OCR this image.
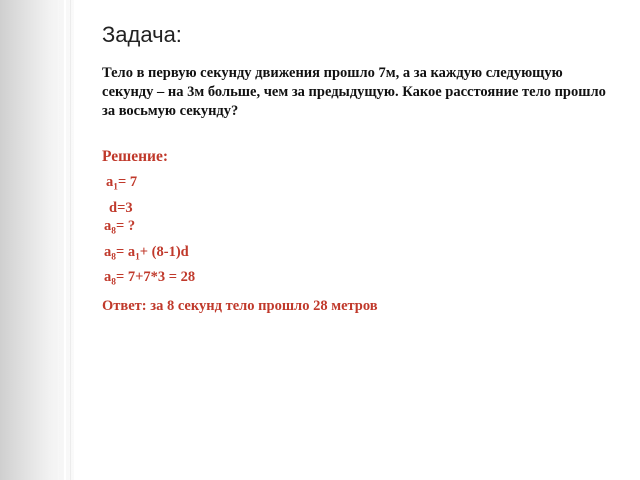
Задача:

Тело в первую секунду движения прошло 7м, а за каждую следующую секунду – на 3м больше, чем за предыдущую. Какое расстояние тело прошло за восьмую секунду?

Решение:

$a_1= 7$

d=3

$a_8=$ ?

$a_8= a_1+ (8-1)d$

$a_8= 7+7*3 = 28$

Ответ: за 8 секунд тело прошло 28 метров
